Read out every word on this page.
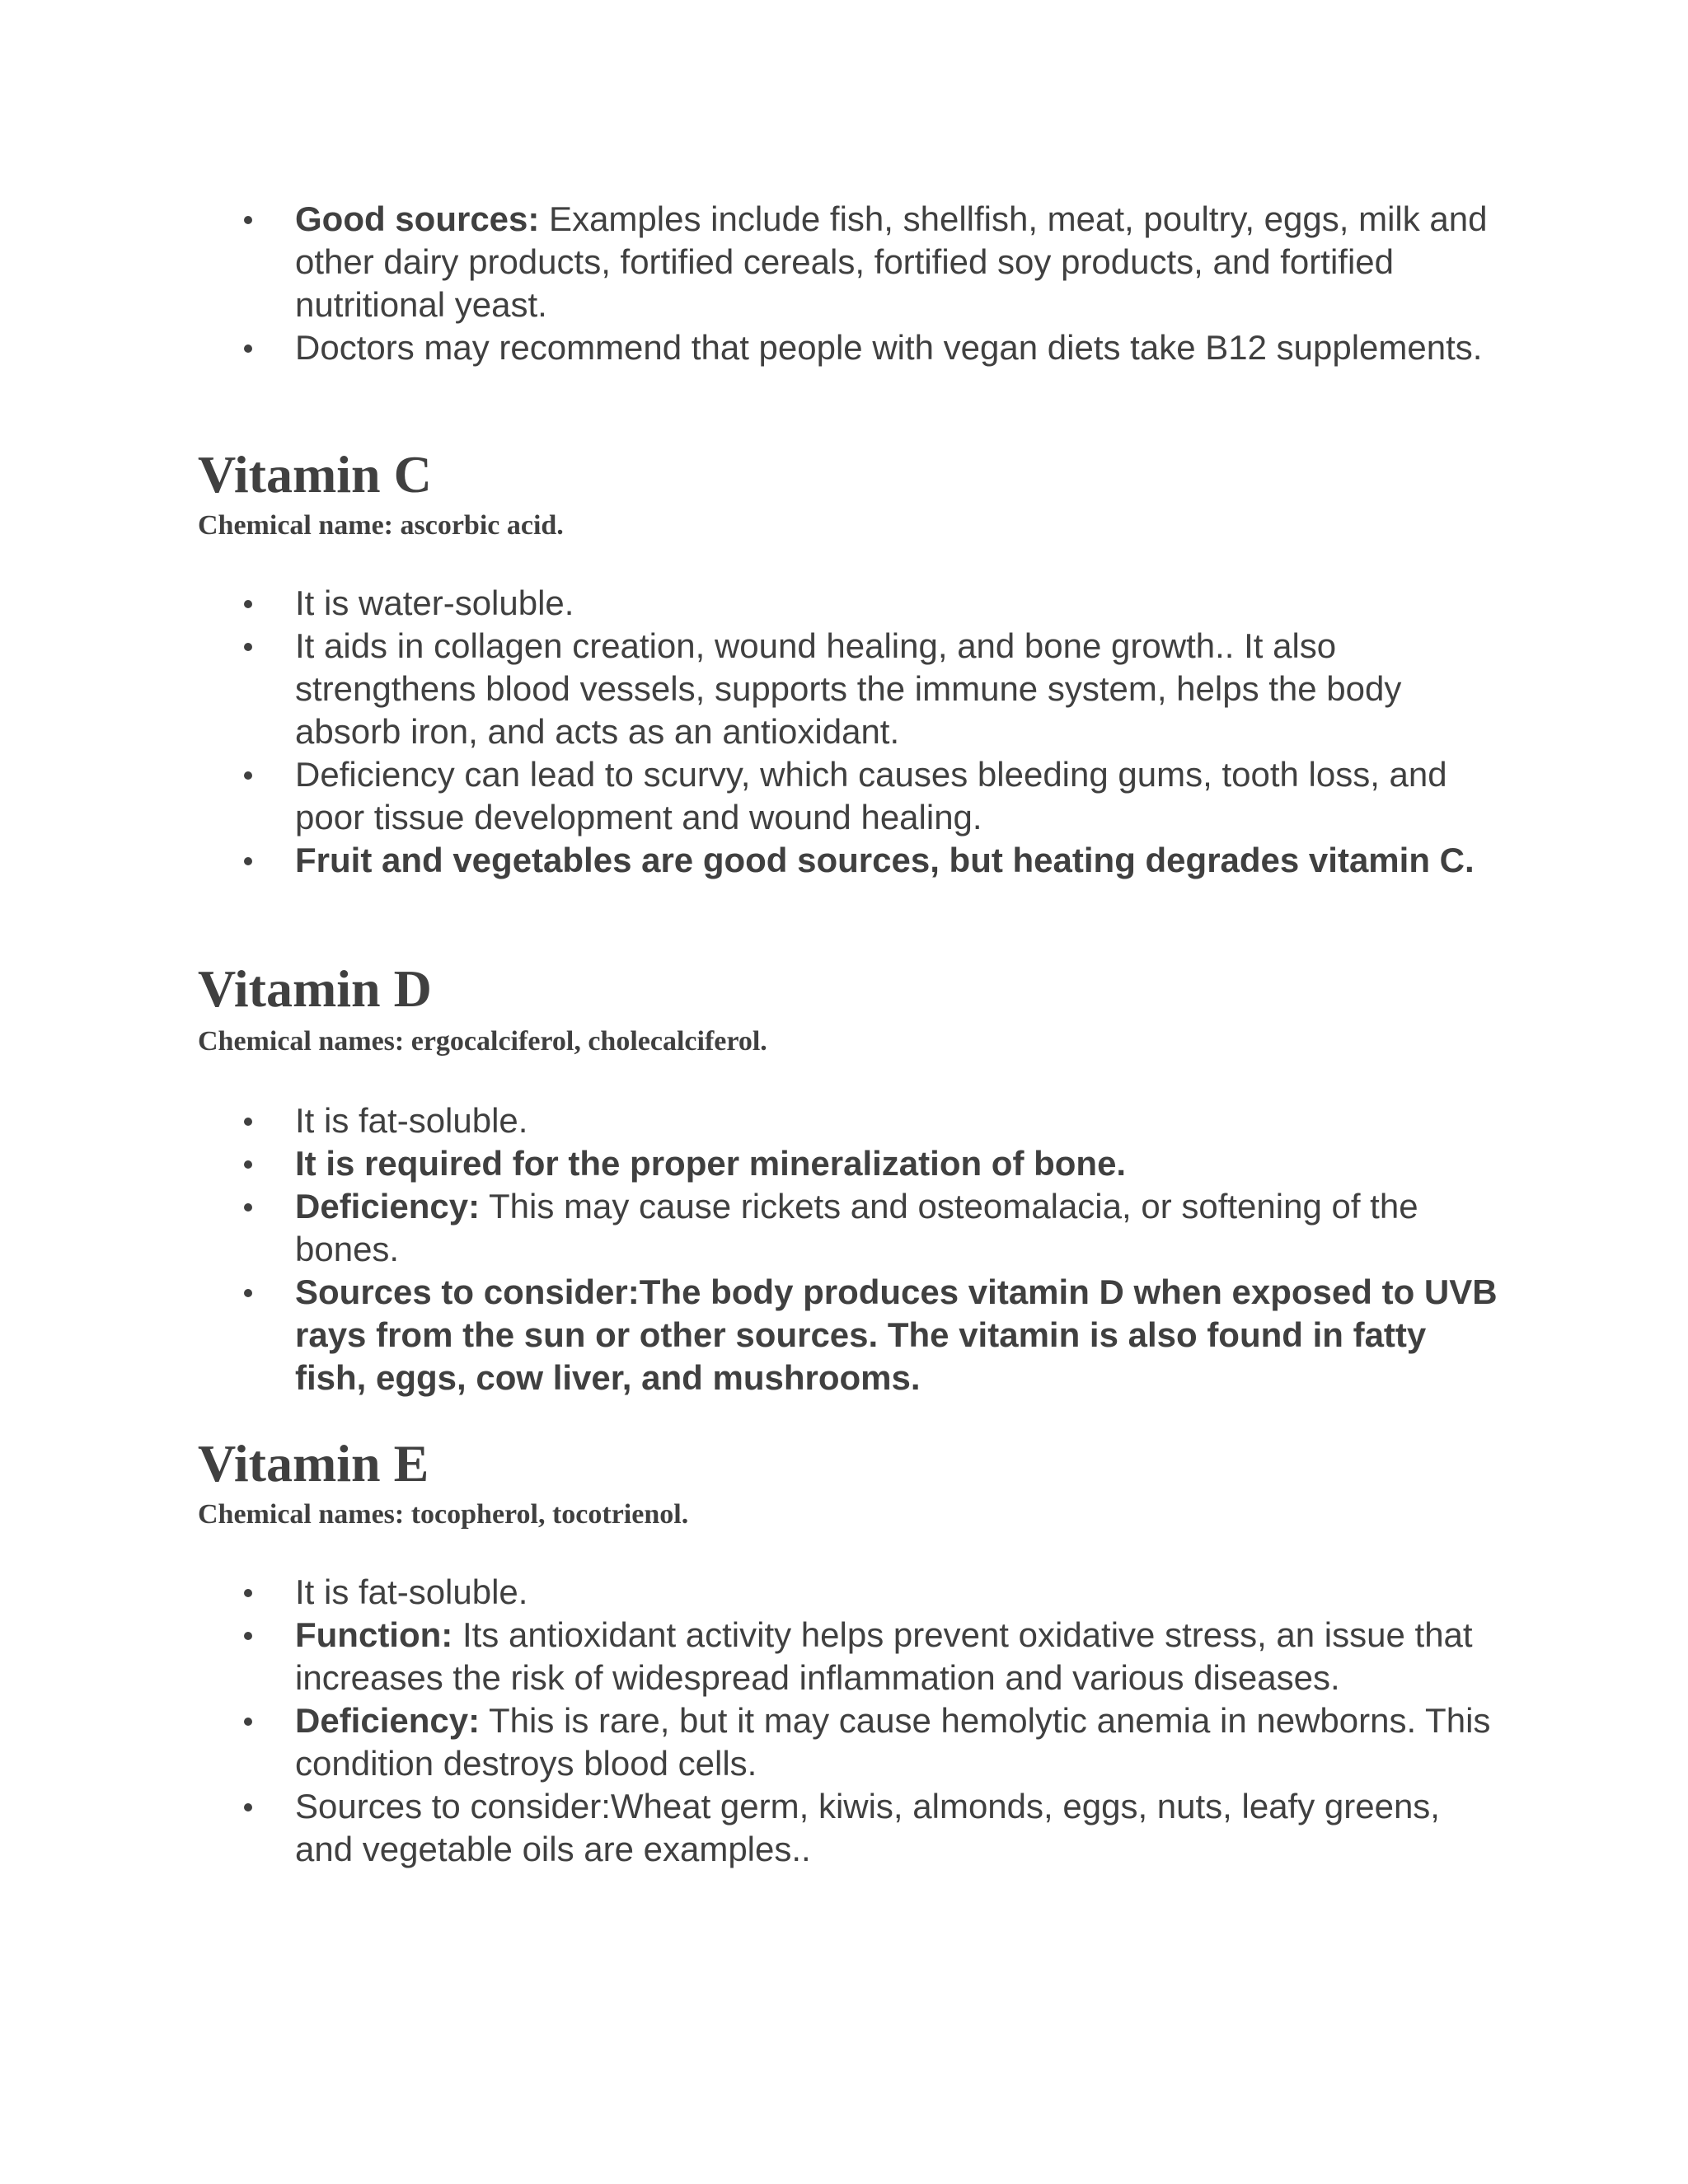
Good sources: Examples include fish, shellfish, meat, poultry, eggs, milk and other dairy products, fortified cereals, fortified soy products, and fortified nutritional yeast.
Doctors may recommend that people with vegan diets take B12 supplements.
Vitamin C

Chemical name: ascorbic acid.

It is water-soluble.
It aids in collagen creation, wound healing, and bone growth.. It also strengthens blood vessels, supports the immune system, helps the body absorb iron, and acts as an antioxidant.
Deficiency can lead to scurvy, which causes bleeding gums, tooth loss, and poor tissue development and wound healing.
Fruit and vegetables are good sources, but heating degrades vitamin C.
Vitamin D

Chemical names: ergocalciferol, cholecalciferol.

It is fat-soluble.
It is required for the proper mineralization of bone.
Deficiency: This may cause rickets and osteomalacia, or softening of the bones.
Sources to consider:The body produces vitamin D when exposed to UVB rays from the sun or other sources. The vitamin is also found in fatty fish, eggs, cow liver, and mushrooms.
Vitamin E

Chemical names: tocopherol, tocotrienol.

It is fat-soluble.
Function: Its antioxidant activity helps prevent oxidative stress, an issue that increases the risk of widespread inflammation and various diseases.
Deficiency: This is rare, but it may cause hemolytic anemia in newborns. This condition destroys blood cells.
Sources to consider:Wheat germ, kiwis, almonds, eggs, nuts, leafy greens, and vegetable oils are examples..
